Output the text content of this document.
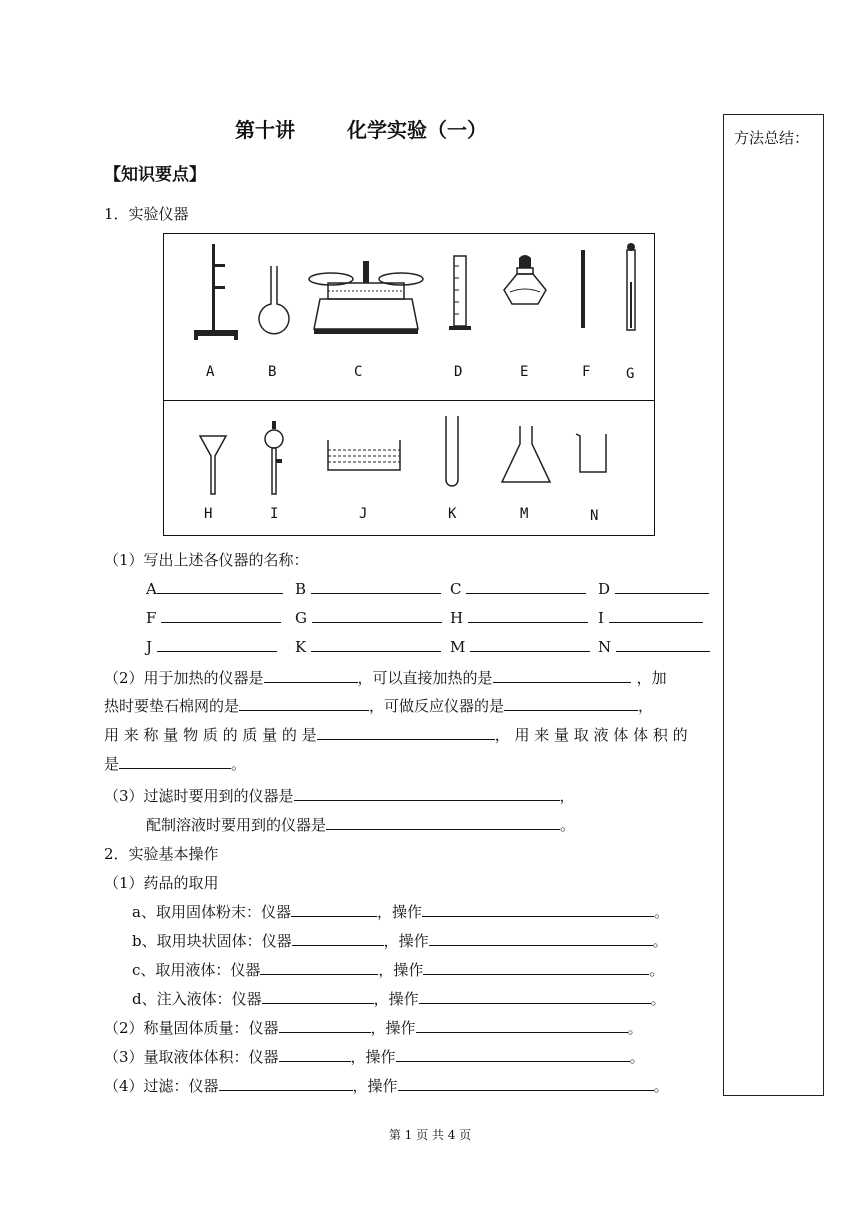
第十讲	化学实验（一）	方法总结：
【知识要点】
1．实验仪器
A	B	C	D	E	F	G
H	I	J	K	M	N
（1）写出上述各仪器的名称：
A	B	C	D
F	G	H	I
J	K	M	N
（2）用于加热的仪器是	，可以直接加热的是	，加
热时要垫石棉网的是	，可做反应仪器的是	，
用 来 称 量 物 质 的 质 量 的 是	， 用 来 量 取 液 体 体 积 的
是	。
（3）过滤时要用到的仪器是	，
配制溶液时要用到的仪器是	。
2．实验基本操作
（1）药品的取用
a、取用固体粉末：仪器	，操作	。
b、取用块状固体：仪器	，操作	。
c、取用液体：仪器	，操作	。
d、注入液体：仪器	，操作	。
（2）称量固体质量：仪器	，操作	。
（3）量取液体体积：仪器	，操作	。
（4）过滤：仪器	，操作	。
第 1 页 共 4 页
